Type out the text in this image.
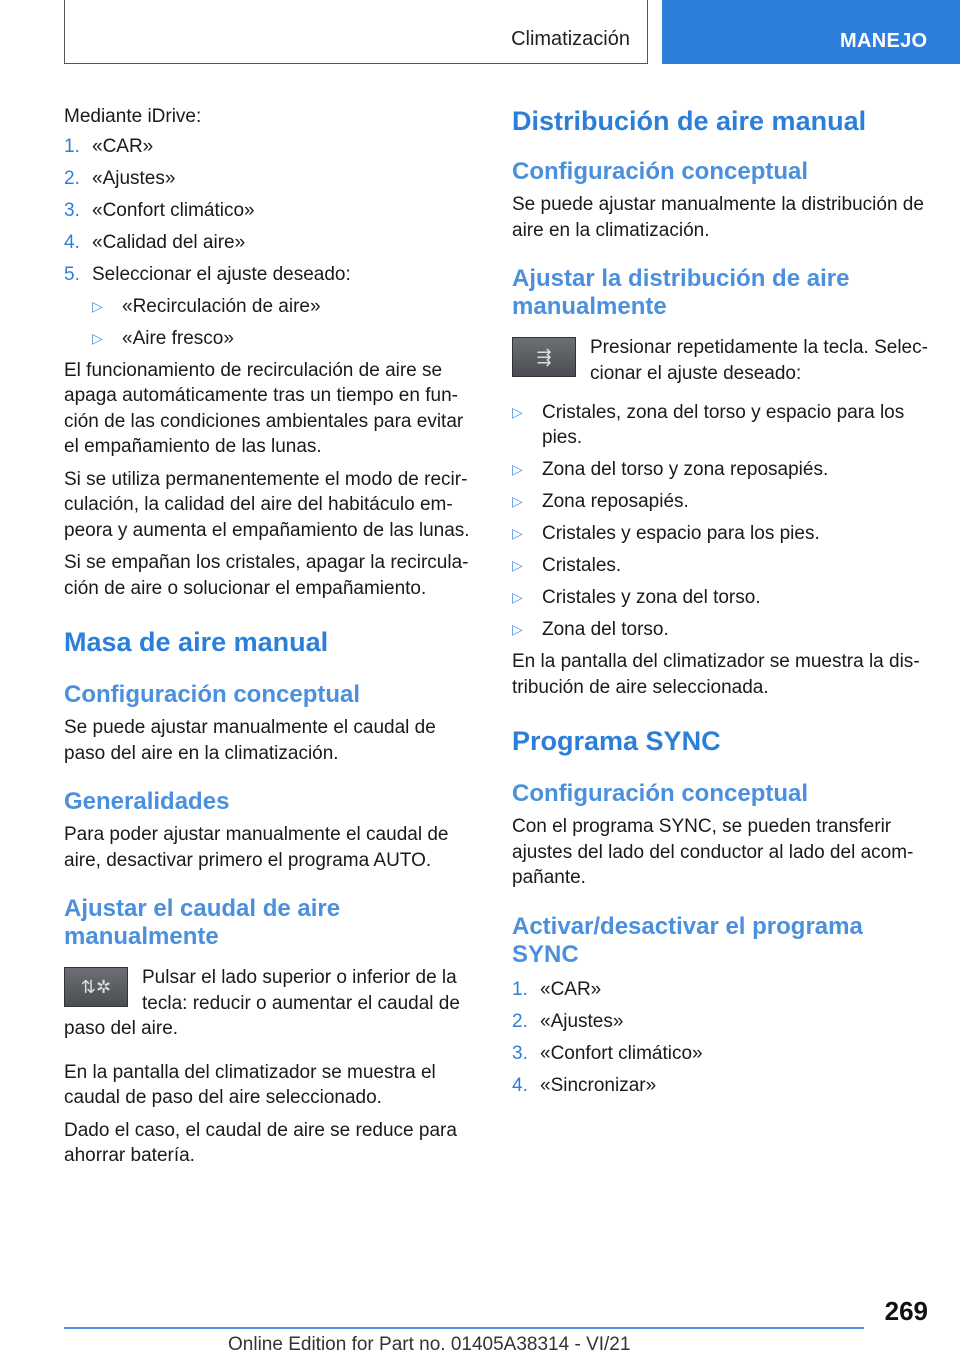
Climatización	MANEJO

Mediante iDrive:

1. «CAR»
2. «Ajustes»
3. «Confort climático»
4. «Calidad del aire»
5. Seleccionar el ajuste deseado:
▷	«Recirculación de aire»
▷	«Aire fresco»

El funcionamiento de recirculación de aire se apaga automáticamente tras un tiempo en función de las condiciones ambientales para evitar el empañamiento de las lunas.

Si se utiliza permanentemente el modo de recirculación, la calidad del aire del habitáculo empeora y aumenta el empañamiento de las lunas.

Si se empañan los cristales, apagar la recirculación de aire o solucionar el empañamiento.

Masa de aire manual
Configuración conceptual

Se puede ajustar manualmente el caudal de paso del aire en la climatización.

Generalidades

Para poder ajustar manualmente el caudal de aire, desactivar primero el programa AUTO.

Ajustar el caudal de aire manualmente
⇅✲	Pulsar el lado superior o inferior de la tecla: reducir o aumentar el caudal de paso del aire.

En la pantalla del climatizador se muestra el caudal de paso del aire seleccionado.

Dado el caso, el caudal de aire se reduce para ahorrar batería.

Distribución de aire manual
Configuración conceptual

Se puede ajustar manualmente la distribución de aire en la climatización.

Ajustar la distribución de aire manualmente
⇶	Presionar repetidamente la tecla. Seleccionar el ajuste deseado:

▷	Cristales, zona del torso y espacio para los pies.
▷	Zona del torso y zona reposapiés.
▷	Zona reposapiés.
▷	Cristales y espacio para los pies.
▷	Cristales.
▷	Cristales y zona del torso.
▷	Zona del torso.

En la pantalla del climatizador se muestra la distribución de aire seleccionada.

Programa SYNC
Configuración conceptual

Con el programa SYNC, se pueden transferir ajustes del lado del conductor al lado del acompañante.

Activar/desactivar el programa SYNC
1. «CAR»
2. «Ajustes»
3. «Confort climático»
4. «Sincronizar»
269
Online Edition for Part no. 01405A38314 - VI/21
